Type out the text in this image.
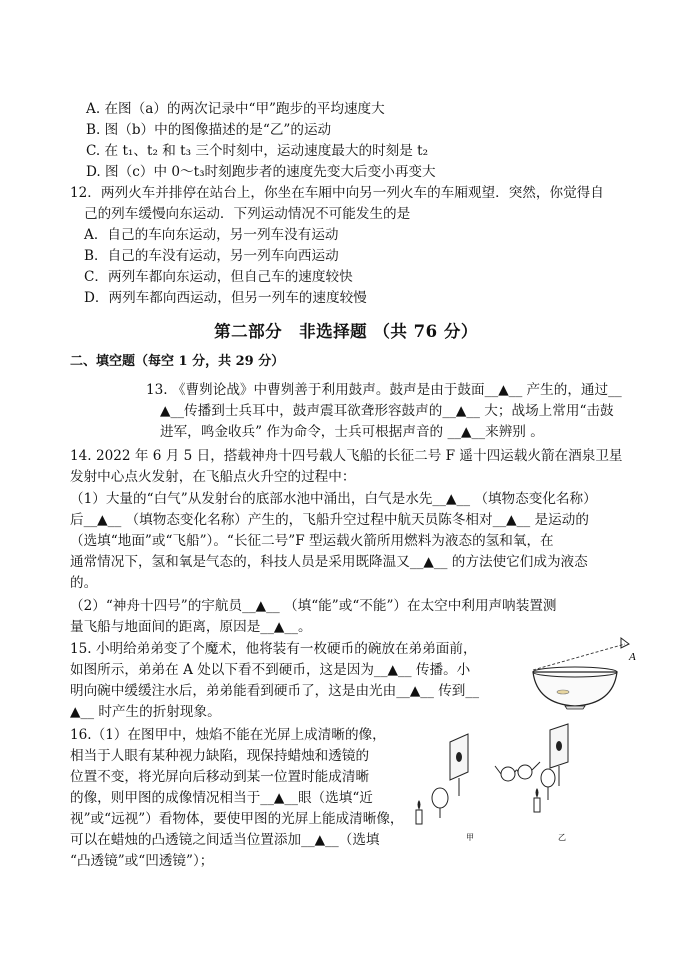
A. 在图（a）的两次记录中“甲”跑步的平均速度大
B. 图（b）中的图像描述的是“乙”的运动
C. 在 t₁、t₂ 和 t₃ 三个时刻中，运动速度最大的时刻是 t₂
D. 图（c）中 0～t₃时刻跑步者的速度先变大后变小再变大
12．两列火车并排停在站台上，你坐在车厢中向另一列火车的车厢观望．突然，你觉得自
己的列车缓慢向东运动．下列运动情况不可能发生的是
A．自己的车向东运动，另一列车没有运动
B．自己的车没有运动，另一列车向西运动
C．两列车都向东运动，但自己车的速度较快
D．两列车都向西运动，但另一列车的速度较慢
第二部分　非选择题 （共 76 分）
二、填空题（每空 1 分，共 29 分）
13. 《曹刿论战》中曹刿善于利用鼓声。鼓声是由于鼓面__▲__ 产生的，通过__
▲__传播到士兵耳中，鼓声震耳欲聋形容鼓声的__▲__ 大；战场上常用“击鼓
进军，鸣金收兵” 作为命令，士兵可根据声音的 __▲__来辨别 。
14. 2022 年 6 月 5 日，搭载神舟十四号载人飞船的长征二号 F 遥十四运载火箭在酒泉卫星
发射中心点火发射，在飞船点火升空的过程中：
（1）大量的“白气”从发射台的底部水池中涌出，白气是水先__▲__ （填物态变化名称）
后__▲__ （填物态变化名称）产生的，飞船升空过程中航天员陈冬相对__▲__ 是运动的
（选填“地面”或“飞船”）。“长征二号”F 型运载火箭所用燃料为液态的氢和氧，在
通常情况下，氢和氧是气态的，科技人员是采用既降温又__▲__ 的方法使它们成为液态
的。
（2）“神舟十四号”的宇航员__▲__ （填“能”或“不能”）在太空中利用声呐装置测
量飞船与地面间的距离，原因是__▲__。
15. 小明给弟弟变了个魔术，他将装有一枚硬币的碗放在弟弟面前，
如图所示，弟弟在 A 处以下看不到硬币，这是因为__▲__ 传播。小
明向碗中缓缓注水后，弟弟能看到硬币了，这是由光由__▲__ 传到__
▲__ 时产生的折射现象。
A
16.（1）在图甲中，烛焰不能在光屏上成清晰的像，
相当于人眼有某种视力缺陷，现保持蜡烛和透镜的
位置不变，将光屏向后移动到某一位置时能成清晰
的像，则甲图的成像情况相当于__▲__眼（选填“近
视”或“远视”）看物体，要使甲图的光屏上能成清晰像，
可以在蜡烛的凸透镜之间适当位置添加__▲__（选填
“凸透镜”或“凹透镜”）；
甲	乙
